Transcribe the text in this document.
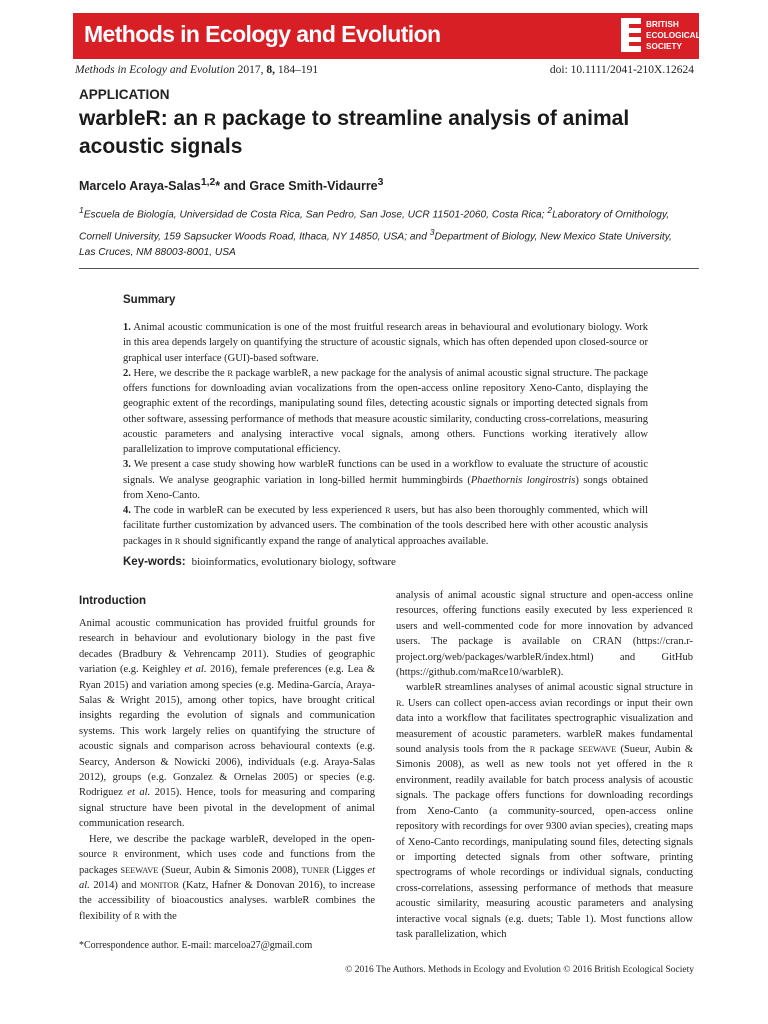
Methods in Ecology and Evolution	BRITISH
ECOLOGICAL
SOCIETY
Methods in Ecology and Evolution 2017, 8, 184–191	doi: 10.1111/2041-210X.12624
APPLICATION
warbleR: an R package to streamline analysis of animal acoustic signals
Marcelo Araya-Salas$^{1,2}$* and Grace Smith-Vidaurre$^3$
$^1$Escuela de Biología, Universidad de Costa Rica, San Pedro, San Jose, UCR 11501-2060, Costa Rica; $^2$Laboratory of Ornithology, Cornell University, 159 Sapsucker Woods Road, Ithaca, NY 14850, USA; and $^3$Department of Biology, New Mexico State University, Las Cruces, NM 88003-8001, USA
Summary

1. Animal acoustic communication is one of the most fruitful research areas in behavioural and evolutionary biology. Work in this area depends largely on quantifying the structure of acoustic signals, which has often depended upon closed-source or graphical user interface (GUI)-based software.

2. Here, we describe the R package warbleR, a new package for the analysis of animal acoustic signal structure. The package offers functions for downloading avian vocalizations from the open-access online repository Xeno-Canto, displaying the geographic extent of the recordings, manipulating sound files, detecting acoustic signals or importing detected signals from other software, assessing performance of methods that measure acoustic similarity, conducting cross-correlations, measuring acoustic parameters and analysing interactive vocal signals, among others. Functions working iteratively allow parallelization to improve computational efficiency.

3. We present a case study showing how warbleR functions can be used in a workflow to evaluate the structure of acoustic signals. We analyse geographic variation in long-billed hermit hummingbirds (Phaethornis longirostris) songs obtained from Xeno-Canto.

4. The code in warbleR can be executed by less experienced R users, but has also been thoroughly commented, which will facilitate further customization by advanced users. The combination of the tools described here with other acoustic analysis packages in R should significantly expand the range of analytical approaches available.

Key-words: bioinformatics, evolutionary biology, software
Introduction

Animal acoustic communication has provided fruitful grounds for research in behaviour and evolutionary biology in the past five decades (Bradbury & Vehrencamp 2011). Studies of geographic variation (e.g. Keighley et al. 2016), female preferences (e.g. Lea & Ryan 2015) and variation among species (e.g. Medina-García, Araya-Salas & Wright 2015), among other topics, have brought critical insights regarding the evolution of signals and communication systems. This work largely relies on quantifying the structure of acoustic signals and comparison across behavioural contexts (e.g. Searcy, Anderson & Nowicki 2006), individuals (e.g. Araya-Salas 2012), groups (e.g. Gonzalez & Ornelas 2005) or species (e.g. Rodriguez et al. 2015). Hence, tools for measuring and comparing signal structure have been pivotal in the development of animal communication research.

Here, we describe the package warbleR, developed in the open-source R environment, which uses code and functions from the packages SEEWAVE (Sueur, Aubin & Simonis 2008), TUNER (Ligges et al. 2014) and MONITOR (Katz, Hafner & Donovan 2016), to increase the accessibility of bioacoustics analyses. warbleR combines the flexibility of R with the

analysis of animal acoustic signal structure and open-access online resources, offering functions easily executed by less experienced R users and well-commented code for more innovation by advanced users. The package is available on CRAN (https://cran.r-project.org/web/packages/warbleR/index.html) and GitHub (https://github.com/maRce10/warbleR).

warbleR streamlines analyses of animal acoustic signal structure in R. Users can collect open-access avian recordings or input their own data into a workflow that facilitates spectrographic visualization and measurement of acoustic parameters. warbleR makes fundamental sound analysis tools from the R package SEEWAVE (Sueur, Aubin & Simonis 2008), as well as new tools not yet offered in the R environment, readily available for batch process analysis of acoustic signals. The package offers functions for downloading recordings from Xeno-Canto (a community-sourced, open-access online repository with recordings for over 9300 avian species), creating maps of Xeno-Canto recordings, manipulating sound files, detecting signals or importing detected signals from other software, printing spectrograms of whole recordings or individual signals, conducting cross-correlations, assessing performance of methods that measure acoustic similarity, measuring acoustic parameters and analysing interactive vocal signals (e.g. duets; Table 1). Most functions allow task parallelization, which

*Correspondence author. E-mail: marceloa27@gmail.com
© 2016 The Authors. Methods in Ecology and Evolution © 2016 British Ecological Society
